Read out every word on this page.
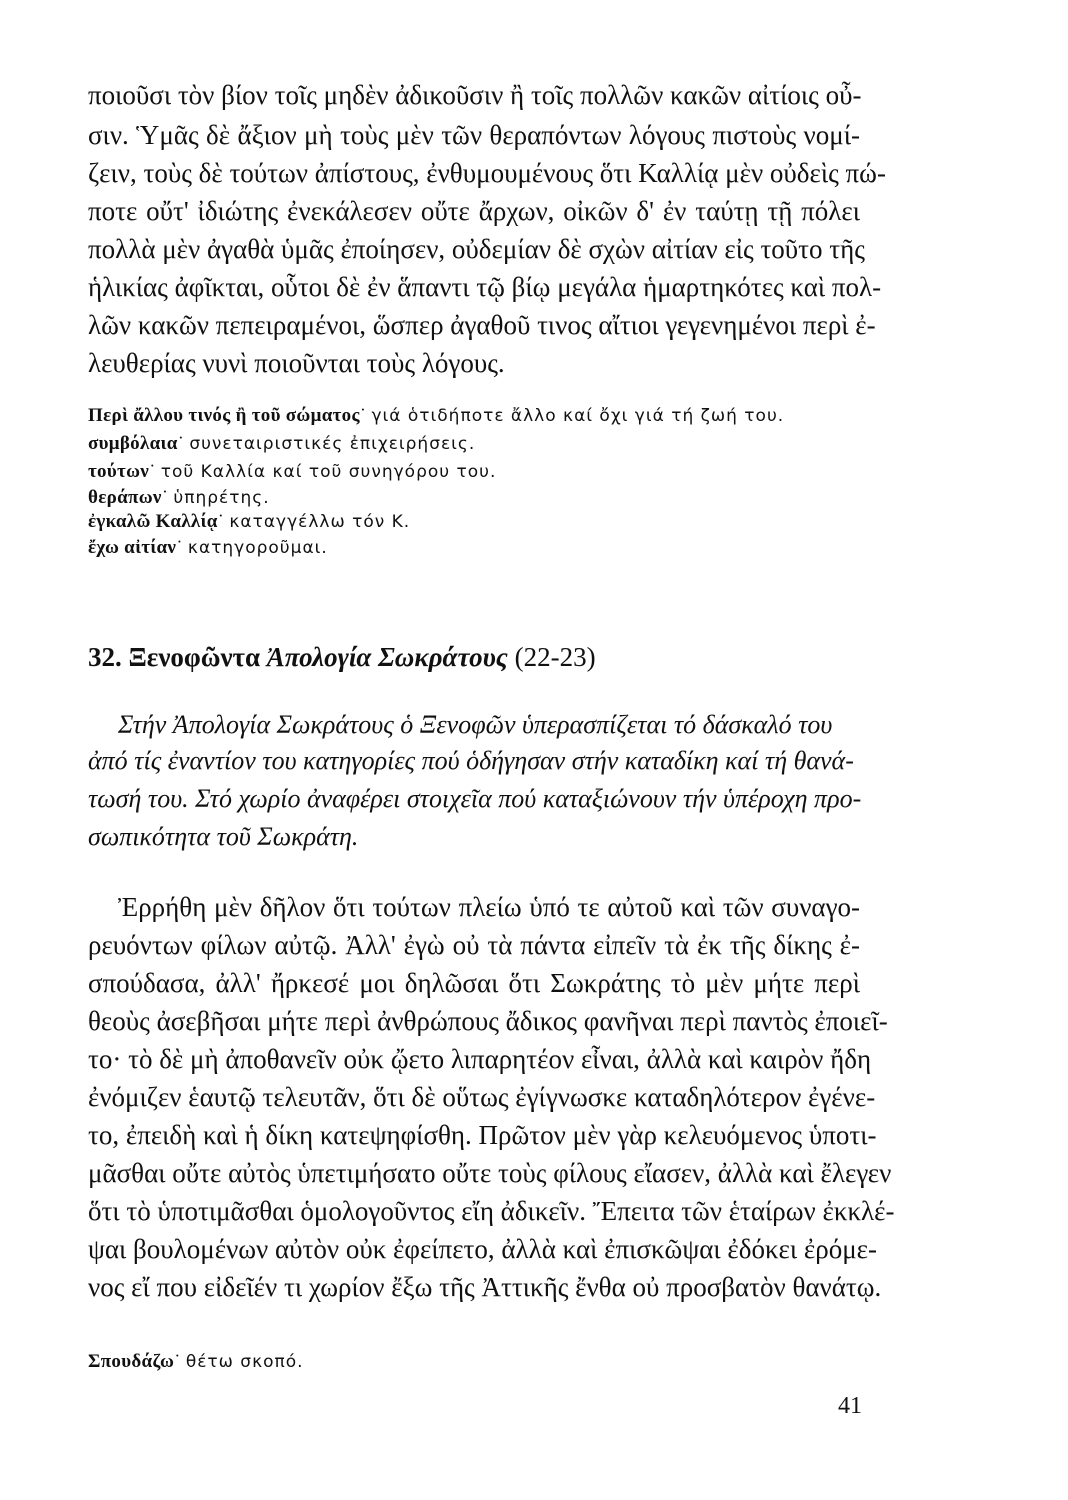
ποιοῦσι τὸν βίον τοῖς μηδὲν ἀδικοῦσιν ἢ τοῖς πολλῶν κακῶν αἰτίοις οὖ-
σιν. Ὑμᾶς δὲ ἄξιον μὴ τοὺς μὲν τῶν θεραπόντων λόγους πιστοὺς νομί-
ζειν, τοὺς δὲ τούτων ἀπίστους, ἐνθυμουμένους ὅτι Καλλίᾳ μὲν οὐδεὶς πώ-
ποτε οὔτ' ἰδιώτης ἐνεκάλεσεν οὔτε ἄρχων, οἰκῶν δ' ἐν ταύτῃ τῇ πόλει
πολλὰ μὲν ἀγαθὰ ὑμᾶς ἐποίησεν, οὐδεμίαν δὲ σχὼν αἰτίαν εἰς τοῦτο τῆς
ἡλικίας ἀφῖκται, οὗτοι δὲ ἐν ἅπαντι τῷ βίῳ μεγάλα ἡμαρτηκότες καὶ πολ-
λῶν κακῶν πεπειραμένοι, ὥσπερ ἀγαθοῦ τινος αἴτιοι γεγενημένοι περὶ ἐ-
λευθερίας νυνὶ ποιοῦνται τοὺς λόγους.
Περὶ ἄλλου τινός ἢ τοῦ σώματος˙ γιά ὁτιδήποτε ἄλλο καί ὄχι γιά τή ζωή του.
συμβόλαια˙ συνεταιριστικές ἐπιχειρήσεις.
τούτων˙ τοῦ Καλλία καί τοῦ συνηγόρου του.
θεράπων˙ ὑπηρέτης.
ἐγκαλῶ Καλλίᾳ˙ καταγγέλλω τόν Κ.
ἔχω αἰτίαν˙ κατηγοροῦμαι.
32. Ξενοφῶντα Ἀπολογία Σωκράτους (22-23)
Στήν Ἀπολογία Σωκράτους ὁ Ξενοφῶν ὑπερασπίζεται τό δάσκαλό του
ἀπό τίς ἐναντίον του κατηγορίες πού ὁδήγησαν στήν καταδίκη καί τή θανά-
τωσή του. Στό χωρίο ἀναφέρει στοιχεῖα πού καταξιώνουν τήν ὑπέροχη προ-
σωπικότητα τοῦ Σωκράτη.
Ἐρρήθη μὲν δῆλον ὅτι τούτων πλείω ὑπό τε αὐτοῦ καὶ τῶν συναγο-
ρευόντων φίλων αὐτῷ. Ἀλλ' ἐγὼ οὐ τὰ πάντα εἰπεῖν τὰ ἐκ τῆς δίκης ἐ-
σπούδασα, ἀλλ' ἤρκεσέ μοι δηλῶσαι ὅτι Σωκράτης τὸ μὲν μήτε περὶ
θεοὺς ἀσεβῆσαι μήτε περὶ ἀνθρώπους ἄδικος φανῆναι περὶ παντὸς ἐποιεῖ-
το· τὸ δὲ μὴ ἀποθανεῖν οὐκ ᾤετο λιπαρητέον εἶναι, ἀλλὰ καὶ καιρὸν ἤδη
ἐνόμιζεν ἑαυτῷ τελευτᾶν, ὅτι δὲ οὕτως ἐγίγνωσκε καταδηλότερον ἐγένε-
το, ἐπειδὴ καὶ ἡ δίκη κατεψηφίσθη. Πρῶτον μὲν γὰρ κελευόμενος ὑποτι-
μᾶσθαι οὔτε αὐτὸς ὑπετιμήσατο οὔτε τοὺς φίλους εἴασεν, ἀλλὰ καὶ ἔλεγεν
ὅτι τὸ ὑποτιμᾶσθαι ὁμολογοῦντος εἴη ἀδικεῖν. Ἔπειτα τῶν ἑταίρων ἐκκλέ-
ψαι βουλομένων αὐτὸν οὐκ ἐφείπετο, ἀλλὰ καὶ ἐπισκῶψαι ἐδόκει ἐρόμε-
νος εἴ που εἰδεῖέν τι χωρίον ἔξω τῆς Ἀττικῆς ἔνθα οὐ προσβατὸν θανάτῳ.
Σπουδάζω˙ θέτω σκοπό.
41
